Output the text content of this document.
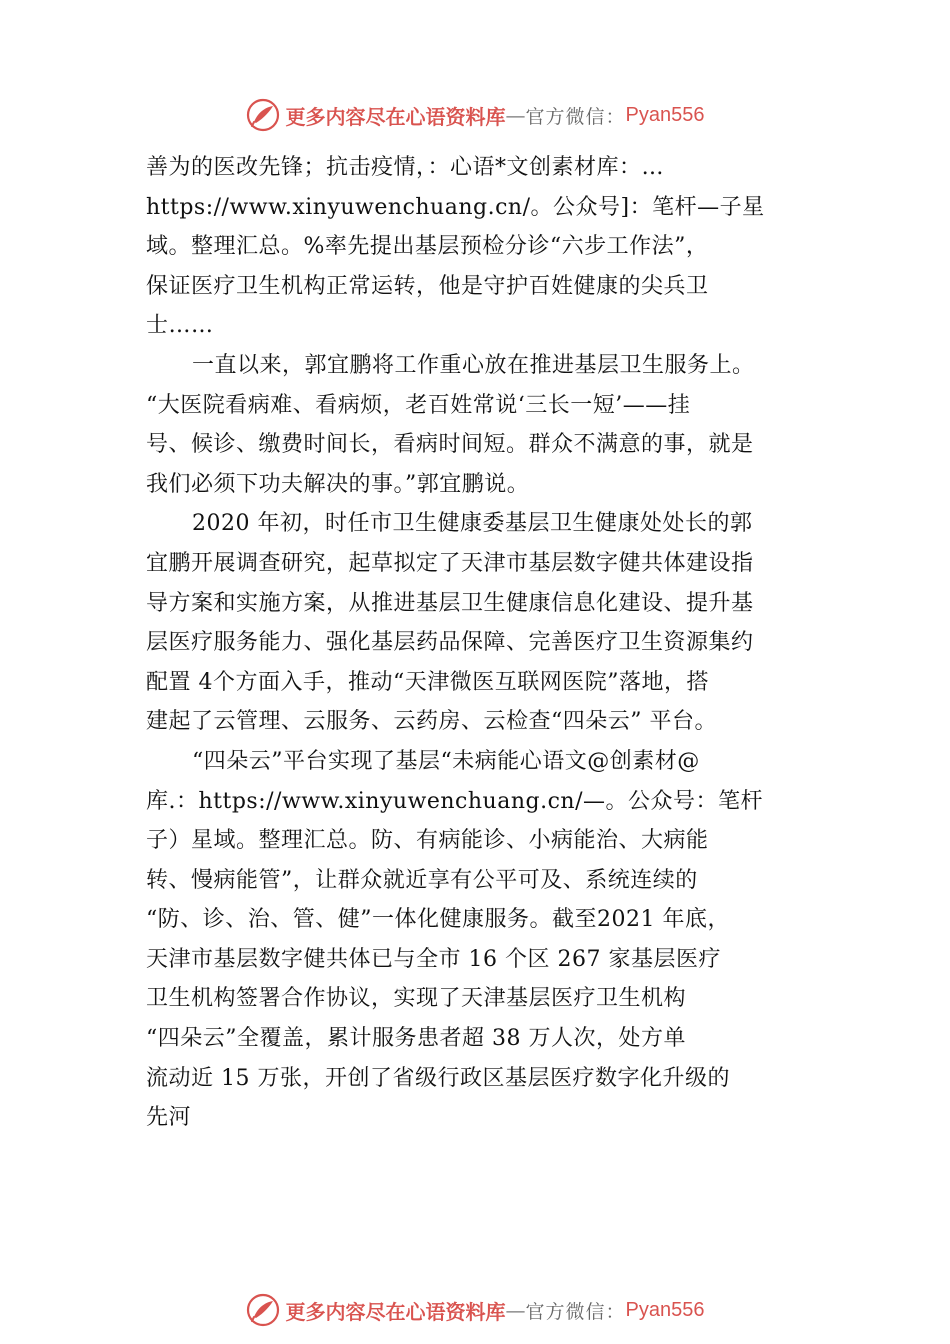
更多内容尽在心语资料库 — 官方微信： Pyan556
善为的医改先锋；抗击疫情，：心语*文创素材库：…
https://www.xinyuwenchuang.cn/。公众号]：笔杆—子星
域。整理汇总。%率先提出基层预检分诊“六步工作法”，
保证医疗卫生机构正常运转，他是守护百姓健康的尖兵卫
士……
一直以来，郭宜鹏将工作重心放在推进基层卫生服务上。
“大医院看病难、看病烦，老百姓常说‘三长一短’——挂
号、候诊、缴费时间长，看病时间短。群众不满意的事，就是
我们必须下功夫解决的事。”郭宜鹏说。
2020 年初，时任市卫生健康委基层卫生健康处处长的郭
宜鹏开展调查研究，起草拟定了天津市基层数字健共体建设指
导方案和实施方案，从推进基层卫生健康信息化建设、提升基
层医疗服务能力、强化基层药品保障、完善医疗卫生资源集约
配置 4个方面入手，推动“天津微医互联网医院”落地，搭
建起了云管理、云服务、云药房、云检查“四朵云” 平台。
“四朵云”平台实现了基层“未病能心语文@创素材@
库.：https://www.xinyuwenchuang.cn/—。公众号：笔杆
子）星域。整理汇总。防、有病能诊、小病能治、大病能
转、慢病能管”，让群众就近享有公平可及、系统连续的
“防、诊、治、管、健”一体化健康服务。截至2021 年底，
天津市基层数字健共体已与全市 16 个区 267 家基层医疗
卫生机构签署合作协议，实现了天津基层医疗卫生机构
“四朵云”全覆盖，累计服务患者超 38 万人次，处方单
流动近 15 万张，开创了省级行政区基层医疗数字化升级的
先河
更多内容尽在心语资料库 — 官方微信： Pyan556
